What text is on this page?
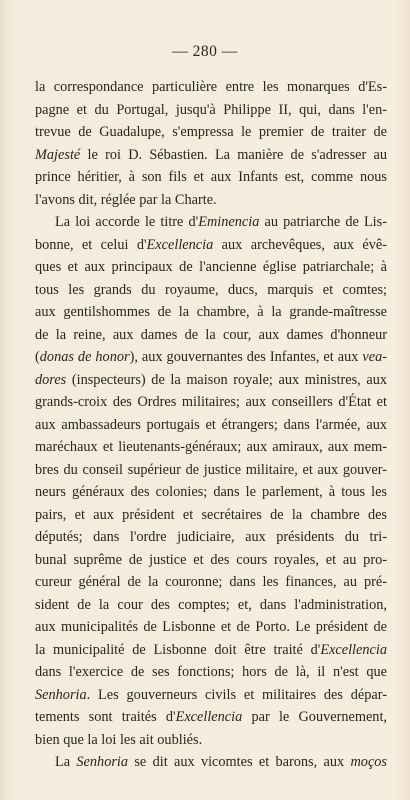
— 280 —
la correspondance particulière entre les monarques d'Es-
pagne et du Portugal, jusqu'à Philippe II, qui, dans l'en-
trevue de Guadalupe, s'empressa le premier de traiter de
Majesté le roi D. Sébastien. La manière de s'adresser au
prince héritier, à son fils et aux Infants est, comme nous
l'avons dit, réglée par la Charte.
La loi accorde le titre d'Eminencia au patriarche de Lis-
bonne, et celui d'Excellencia aux archevêques, aux évê-
ques et aux principaux de l'ancienne église patriarchale; à
tous les grands du royaume, ducs, marquis et comtes;
aux gentilshommes de la chambre, à la grande-maîtresse
de la reine, aux dames de la cour, aux dames d'honneur
(donas de honor), aux gouvernantes des Infantes, et aux vea-
dores (inspecteurs) de la maison royale; aux ministres, aux
grands-croix des Ordres militaires; aux conseillers d'État et
aux ambassadeurs portugais et étrangers; dans l'armée, aux
maréchaux et lieutenants-généraux; aux amiraux, aux mem-
bres du conseil supérieur de justice militaire, et aux gouver-
neurs généraux des colonies; dans le parlement, à tous les
pairs, et aux président et secrétaires de la chambre des
députés; dans l'ordre judiciaire, aux présidents du tri-
bunal suprême de justice et des cours royales, et au pro-
cureur général de la couronne; dans les finances, au pré-
sident de la cour des comptes; et, dans l'administration,
aux municipalités de Lisbonne et de Porto. Le président de
la municipalité de Lisbonne doit être traité d'Excellencia
dans l'exercice de ses fonctions; hors de là, il n'est que
Senhoria. Les gouverneurs civils et militaires des dépar-
tements sont traités d'Excellencia par le Gouvernement,
bien que la loi les ait oubliés.
La Senhoria se dit aux vicomtes et barons, aux moços
